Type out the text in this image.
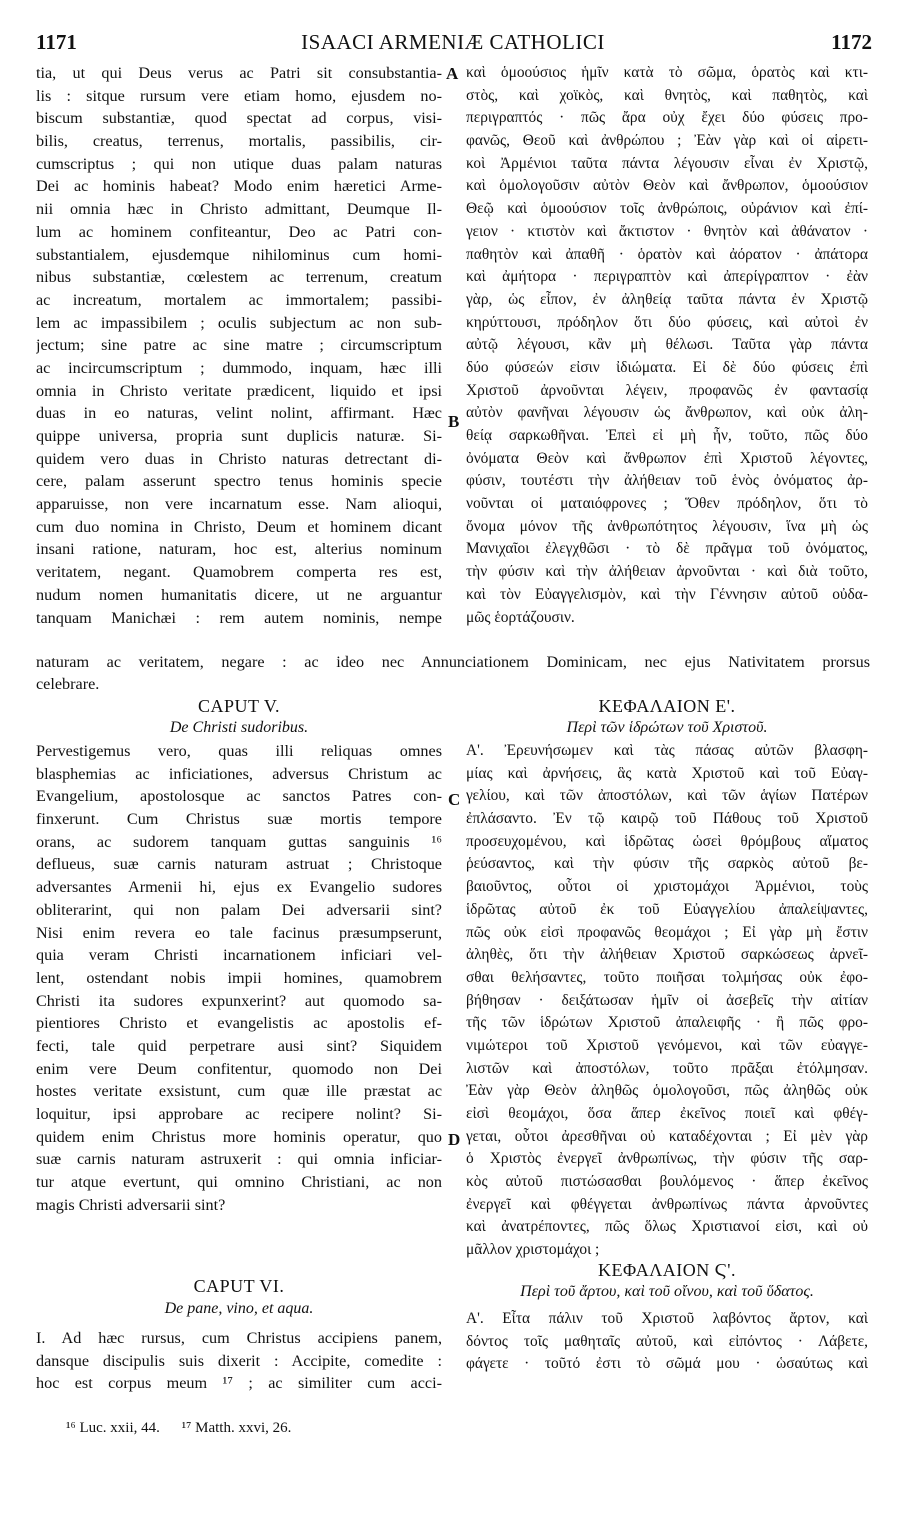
1171	ISAACI ARMENIÆ CATHOLICI	1172
tia, ut qui Deus verus ac Patri sit consubstantia-
lis : sitque rursum vere etiam homo, ejusdem no-
biscum substantiæ, quod spectat ad corpus, visi-
bilis, creatus, terrenus, mortalis, passibilis, cir-
cumscriptus ; qui non utique duas palam naturas
Dei ac hominis habeat? Modo enim hæretici Arme-
nii omnia hæc in Christo admittant, Deumque Il-
lum ac hominem confiteantur, Deo ac Patri con-
substantialem, ejusdemque nihilominus cum homi-
nibus substantiæ, cœlestem ac terrenum, creatum
ac increatum, mortalem ac immortalem; passibi-
lem ac impassibilem ; oculis subjectum ac non sub-
jectum; sine patre ac sine matre ; circumscriptum
ac incircumscriptum ; dummodo, inquam, hæc illi
omnia in Christo veritate prædicent, liquido et ipsi
duas in eo naturas, velint nolint, affirmant. Hæc
quippe universa, propria sunt duplicis naturæ. Si-
quidem vero duas in Christo naturas detrectant di-
cere, palam asserunt spectro tenus hominis specie
apparuisse, non vere incarnatum esse. Nam alioqui,
cum duo nomina in Christo, Deum et hominem dicant
insani ratione, naturam, hoc est, alterius nominum
veritatem, negant. Quamobrem comperta res est,
nudum nomen humanitatis dicere, ut ne arguantur
tanquam Manichæi : rem autem nominis, nempe
καὶ ὁμοούσιος ἡμῖν κατὰ τὸ σῶμα, ὁρατὸς καὶ κτι-
στὸς, καὶ χοϊκὸς, καὶ θνητὸς, καὶ παθητὸς, καὶ
περιγραπτός · πῶς ἄρα οὐχ ἔχει δύο φύσεις προ-
φανῶς, Θεοῦ καὶ ἀνθρώπου ; Ἐὰν γὰρ καὶ οἱ αἱρετι-
κοὶ Ἀρμένιοι ταῦτα πάντα λέγουσιν εἶναι ἐν Χριστῷ,
καὶ ὁμολογοῦσιν αὐτὸν Θεὸν καὶ ἄνθρωπον, ὁμοούσιον
Θεῷ καὶ ὁμοούσιον τοῖς ἀνθρώποις, οὐράνιον καὶ ἐπί-
γειον · κτιστὸν καὶ ἄκτιστον · θνητὸν καὶ ἀθάνατον ·
παθητὸν καὶ ἀπαθῆ · ὁρατὸν καὶ ἀόρατον · ἀπάτορα
καὶ ἀμήτορα · περιγραπτὸν καὶ ἀπερίγραπτον · ἐὰν
γὰρ, ὡς εἶπον, ἐν ἀληθείᾳ ταῦτα πάντα ἐν Χριστῷ
κηρύττουσι, πρόδηλον ὅτι δύο φύσεις, καὶ αὐτοὶ ἐν
αὐτῷ λέγουσι, κἂν μὴ θέλωσι. Ταῦτα γὰρ πάντα
δύο φύσεών εἰσιν ἰδιώματα. Εἰ δὲ δύο φύσεις ἐπὶ
Χριστοῦ ἀρνοῦνται λέγειν, προφανῶς ἐν φαντασίᾳ
αὐτὸν φανῆναι λέγουσιν ὡς ἄνθρωπον, καὶ οὐκ ἀλη-
θείᾳ σαρκωθῆναι. Ἐπεὶ εἰ μὴ ἦν, τοῦτο, πῶς δύο
ὀνόματα Θεὸν καὶ ἄνθρωπον ἐπὶ Χριστοῦ λέγοντες,
φύσιν, τουτέστι τὴν ἀλήθειαν τοῦ ἑνὸς ὀνόματος ἀρ-
νοῦνται οἱ ματαιόφρονες ; Ὅθεν πρόδηλον, ὅτι τὸ
ὄνομα μόνον τῆς ἀνθρωπότητος λέγουσιν, ἵνα μὴ ὡς
Μανιχαῖοι ἐλεγχθῶσι · τὸ δὲ πρᾶγμα τοῦ ὀνόματος,
τὴν φύσιν καὶ τὴν ἀλήθειαν ἀρνοῦνται · καὶ διὰ τοῦτο,
καὶ τὸν Εὐαγγελισμὸν, καὶ τὴν Γέννησιν αὐτοῦ οὐδα-
μῶς ἑορτάζουσιν.
A
B
naturam ac veritatem, negare : ac ideo nec Annunciationem Dominicam, nec ejus Nativitatem prorsus
celebrare.
CAPUT V.
De Christi sudoribus.
ΚΕΦΑΛΑΙΟΝ Ε'.
Περὶ τῶν ἱδρώτων τοῦ Χριστοῦ.
Pervestigemus vero, quas illi reliquas omnes
blasphemias ac inficiationes, adversus Christum ac
Evangelium, apostolosque ac sanctos Patres con-
finxerunt. Cum Christus suæ mortis tempore
orans, ac sudorem tanquam guttas sanguinis ¹⁶
deflueus, suæ carnis naturam astruat ; Christoque
adversantes Armenii hi, ejus ex Evangelio sudores
obliterarint, qui non palam Dei adversarii sint?
Nisi enim revera eo tale facinus præsumpserunt,
quia veram Christi incarnationem inficiari vel-
lent, ostendant nobis impii homines, quamobrem
Christi ita sudores expunxerint? aut quomodo sa-
pientiores Christo et evangelistis ac apostolis ef-
fecti, tale quid perpetrare ausi sint? Siquidem
enim vere Deum confitentur, quomodo non Dei
hostes veritate exsistunt, cum quæ ille præstat ac
loquitur, ipsi approbare ac recipere nolint? Si-
quidem enim Christus more hominis operatur, quo
suæ carnis naturam astruxerit : qui omnia inficiar-
tur atque evertunt, qui omnino Christiani, ac non
magis Christi adversarii sint?
Α'. Ἐρευνήσωμεν καὶ τὰς πάσας αὐτῶν βλασφη-
μίας καὶ ἀρνήσεις, ἃς κατὰ Χριστοῦ καὶ τοῦ Εὐαγ-
γελίου, καὶ τῶν ἀποστόλων, καὶ τῶν ἁγίων Πατέρων
ἐπλάσαντο. Ἐν τῷ καιρῷ τοῦ Πάθους τοῦ Χριστοῦ
προσευχομένου, καὶ ἱδρῶτας ὡσεὶ θρόμβους αἵματος
ῥεύσαντος, καὶ τὴν φύσιν τῆς σαρκὸς αὐτοῦ βε-
βαιοῦντος, οὗτοι οἱ χριστομάχοι Ἀρμένιοι, τοὺς
ἱδρῶτας αὐτοῦ ἐκ τοῦ Εὐαγγελίου ἀπαλείψαντες,
πῶς οὐκ εἰσὶ προφανῶς θεομάχοι ; Εἰ γὰρ μὴ ἔστιν
ἀληθὲς, ὅτι τὴν ἀλήθειαν Χριστοῦ σαρκώσεως ἀρνεῖ-
σθαι θελήσαντες, τοῦτο ποιῆσαι τολμήσας οὐκ ἐφο-
βήθησαν · δειξάτωσαν ἡμῖν οἱ ἀσεβεῖς τὴν αἰτίαν
τῆς τῶν ἱδρώτων Χριστοῦ ἀπαλειφῆς · ἢ πῶς φρο-
νιμώτεροι τοῦ Χριστοῦ γενόμενοι, καὶ τῶν εὐαγγε-
λιστῶν καὶ ἀποστόλων, τοῦτο πρᾶξαι ἐτόλμησαν.
Ἐὰν γὰρ Θεὸν ἀληθῶς ὁμολογοῦσι, πῶς ἀληθῶς οὐκ
εἰσὶ θεομάχοι, ὅσα ἅπερ ἐκεῖνος ποιεῖ καὶ φθέγ-
γεται, οὗτοι ἀρεσθῆναι οὐ καταδέχονται ; Εἰ μὲν γὰρ
ὁ Χριστὸς ἐνεργεῖ ἀνθρωπίνως, τὴν φύσιν τῆς σαρ-
κὸς αὐτοῦ πιστώσασθαι βουλόμενος · ἅπερ ἐκεῖνος
ἐνεργεῖ καὶ φθέγγεται ἀνθρωπίνως πάντα ἀρνοῦντες
καὶ ἀνατρέποντες, πῶς ὅλως Χριστιανοί εἰσι, καὶ οὐ
μᾶλλον χριστομάχοι ;
C
D
CAPUT VI.
De pane, vino, et aqua.
ΚΕΦΑΛΑΙΟΝ Ϛ'.
Περὶ τοῦ ἄρτου, καὶ τοῦ οἴνου, καὶ τοῦ ὕδατος.
I. Ad hæc rursus, cum Christus accipiens panem,
dansque discipulis suis dixerit : Accipite, comedite :
hoc est corpus meum ¹⁷ ; ac similiter cum acci-
Α'. Εἶτα πάλιν τοῦ Χριστοῦ λαβόντος ἄρτον, καὶ
δόντος τοῖς μαθηταῖς αὐτοῦ, καὶ εἰπόντος · Λάβετε,
φάγετε · τοῦτό ἐστι τὸ σῶμά μου · ὡσαύτως καὶ
¹⁶ Luc. xxii, 44. ¹⁷ Matth. xxvi, 26.
